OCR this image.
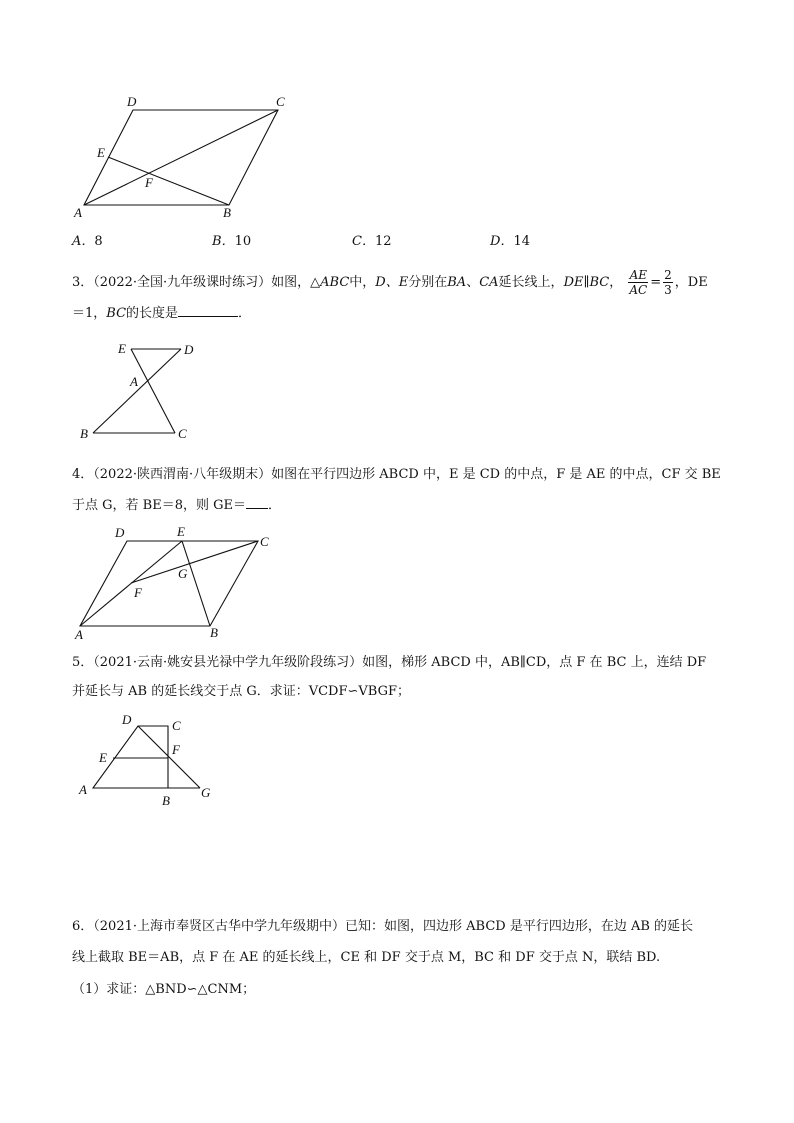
D	C
E
F
A	B
A．8	B．10	C．12	D．14
3．（2022·全国·九年级课时练习）如图，△ABC中，D、E分别在BA、CA延长线上，DE∥BC， $\frac{AE}{AC} = \frac{2}{3}$ ，DE
＝1，BC的长度是	．
E	D
A
B	C
4．（2022·陕西渭南·八年级期末）如图在平行四边形 ABCD 中，E 是 CD 的中点，F 是 AE 的中点，CF 交 BE
于点 G，若 BE＝8，则 GE＝ ．
D	E
C
G
F
A	B
5．（2021·云南·姚安县光禄中学九年级阶段练习）如图，梯形 ABCD 中，AB∥CD，点 F 在 BC 上，连结 DF
并延长与 AB 的延长线交于点 G．求证：VCDF∽VBGF；
D	C
E
F
A
B
G
6．（2021·上海市奉贤区古华中学九年级期中）已知：如图，四边形 ABCD 是平行四边形，在边 AB 的延长
线上截取 BE＝AB，点 F 在 AE 的延长线上，CE 和 DF 交于点 M，BC 和 DF 交于点 N，联结 BD.
（1）求证：△BND∽△CNM；
